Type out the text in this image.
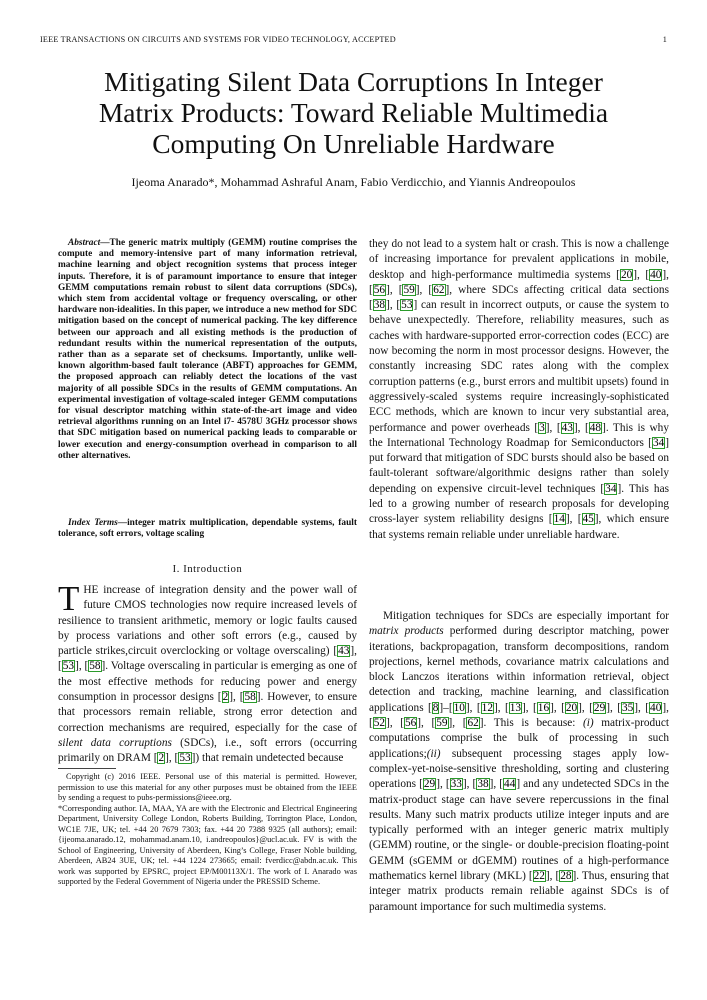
IEEE TRANSACTIONS ON CIRCUITS AND SYSTEMS FOR VIDEO TECHNOLOGY, ACCEPTED	1
Mitigating Silent Data Corruptions In Integer
Matrix Products: Toward Reliable Multimedia
Computing On Unreliable Hardware
Ijeoma Anarado*, Mohammad Ashraful Anam, Fabio Verdicchio, and Yiannis Andreopoulos

Abstract—The generic matrix multiply (GEMM) routine comprises the compute and memory-intensive part of many information retrieval, machine learning and object recognition systems that process integer inputs. Therefore, it is of paramount importance to ensure that integer GEMM computations remain robust to silent data corruptions (SDCs), which stem from accidental voltage or frequency overscaling, or other hardware non-idealities. In this paper, we introduce a new method for SDC mitigation based on the concept of numerical packing. The key difference between our approach and all existing methods is the production of redundant results within the numerical representation of the outputs, rather than as a separate set of checksums. Importantly, unlike well-known algorithm-based fault tolerance (ABFT) approaches for GEMM, the proposed approach can reliably detect the locations of the vast majority of all possible SDCs in the results of GEMM computations. An experimental investigation of voltage-scaled integer GEMM computations for visual descriptor matching within state-of-the-art image and video retrieval algorithms running on an Intel i7- 4578U 3GHz processor shows that SDC mitigation based on numerical packing leads to comparable or lower execution and energy-consumption overhead in comparison to all other alternatives.

Index Terms—integer matrix multiplication, dependable systems, fault tolerance, soft errors, voltage scaling

I. Introduction

THE increase of integration density and the power wall of future CMOS technologies now require increased levels of resilience to transient arithmetic, memory or logic faults caused by process variations and other soft errors (e.g., caused by particle strikes,circuit overclocking or voltage overscaling) [43], [53], [58]. Voltage overscaling in particular is emerging as one of the most effective methods for reducing power and energy consumption in processor designs [2], [58]. However, to ensure that processors remain reliable, strong error detection and correction mechanisms are required, especially for the case of silent data corruptions (SDCs), i.e., soft errors (occurring primarily on DRAM [2], [53]) that remain undetected because

Copyright (c) 2016 IEEE. Personal use of this material is permitted. However, permission to use this material for any other purposes must be obtained from the IEEE by sending a request to pubs-permissions@ieee.org.
*Corresponding author. IA, MAA, YA are with the Electronic and Electrical Engineering Department, University College London, Roberts Building, Torrington Place, London, WC1E 7JE, UK; tel. +44 20 7679 7303; fax. +44 20 7388 9325 (all authors); email: {ijeoma.anarado.12, mohammad.anam.10, i.andreopoulos}@ucl.ac.uk. FV is with the School of Engineering, University of Aberdeen, King’s College, Fraser Noble building, Aberdeen, AB24 3UE, UK; tel. +44 1224 273665; email: fverdicc@abdn.ac.uk. This work was supported by EPSRC, project EP/M00113X/1. The work of I. Anarado was supported by the Federal Government of Nigeria under the PRESSID Scheme.

they do not lead to a system halt or crash. This is now a challenge of increasing importance for prevalent applications in mobile, desktop and high-performance multimedia systems [20], [40], [56], [59], [62], where SDCs affecting critical data sections [38], [53] can result in incorrect outputs, or cause the system to behave unexpectedly. Therefore, reliability measures, such as caches with hardware-supported error-correction codes (ECC) are now becoming the norm in most processor designs. However, the constantly increasing SDC rates along with the complex corruption patterns (e.g., burst errors and multibit upsets) found in aggressively-scaled systems require increasingly-sophisticated ECC methods, which are known to incur very substantial area, performance and power overheads [3], [43], [48]. This is why the International Technology Roadmap for Semiconductors [34] put forward that mitigation of SDC bursts should also be based on fault-tolerant software/algorithmic designs rather than solely depending on expensive circuit-level techniques [34]. This has led to a growing number of research proposals for developing cross-layer system reliability designs [14], [45], which ensure that systems remain reliable under unreliable hardware.

Mitigation techniques for SDCs are especially important for matrix products performed during descriptor matching, power iterations, backpropagation, transform decompositions, random projections, kernel methods, covariance matrix calculations and block Lanczos iterations within information retrieval, object detection and tracking, machine learning, and classification applications [8]–[10], [12], [13], [16], [20], [29], [35], [40], [52], [56], [59], [62]. This is because: (i) matrix-product computations comprise the bulk of processing in such applications;(ii) subsequent processing stages apply low-complex-yet-noise-sensitive thresholding, sorting and clustering operations [29], [33], [38], [44] and any undetected SDCs in the matrix-product stage can have severe repercussions in the final results. Many such matrix products utilize integer inputs and are typically performed with an integer generic matrix multiply (GEMM) routine, or the single- or double-precision floating-point GEMM (sGEMM or dGEMM) routines of a high-performance mathematics kernel library (MKL) [22], [28]. Thus, ensuring that integer matrix products remain reliable against SDCs is of paramount importance for such multimedia systems.
